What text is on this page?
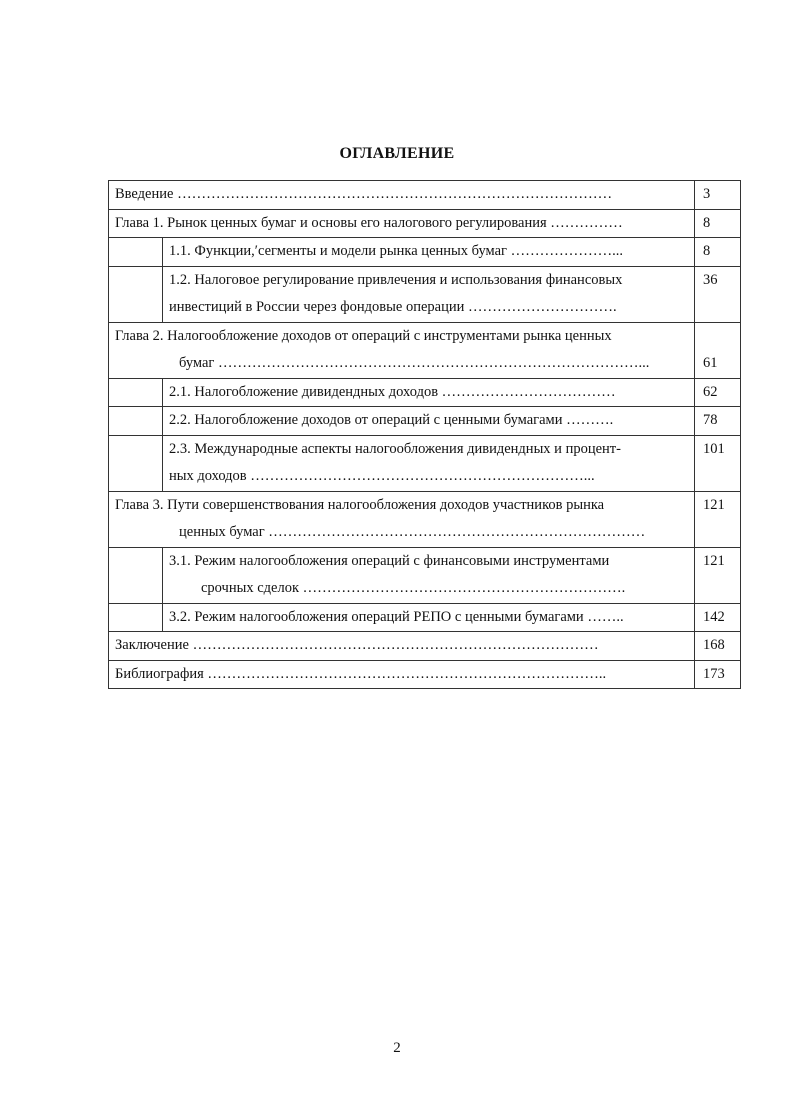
ОГЛАВЛЕНИЕ
Введение ………………………………………………………………………………		3
Глава 1. Рынок ценных бумаг и основы его налогового регулирования ……………		8
	1.1. Функции,ʹсегменты и модели рынка ценных бумаг …………………...	8

	1.2. Налоговое регулирование привлечения и использования финансовых
инвестиций в России через фондовые операции ………………………….	36

Глава 2. Налогообложение доходов от операций с инструментами рынка ценных
бумаг ……………………………………………………………………………...		61
	2.1. Налогобложение дивидендных доходов ………………………………	62
	2.2. Налогобложение доходов от операций с ценными бумагами ……….	78

	2.3. Международные аспекты налогообложения дивидендных и процент-
ных доходов ……………………………………………………………...	101

Глава 3. Пути совершенствования налогообложения доходов участников рынка
ценных бумаг ……………………………………………………………………		121

	3.1. Режим налогообложения операций с финансовыми инструментами
срочных сделок ………………………………………………………….	121
	3.2. Режим налогообложения операций РЕПО с ценными бумагами ……..	142
Заключение …………………………………………………………………………		168
Библиография ………………………………………………………………………..		173
2
